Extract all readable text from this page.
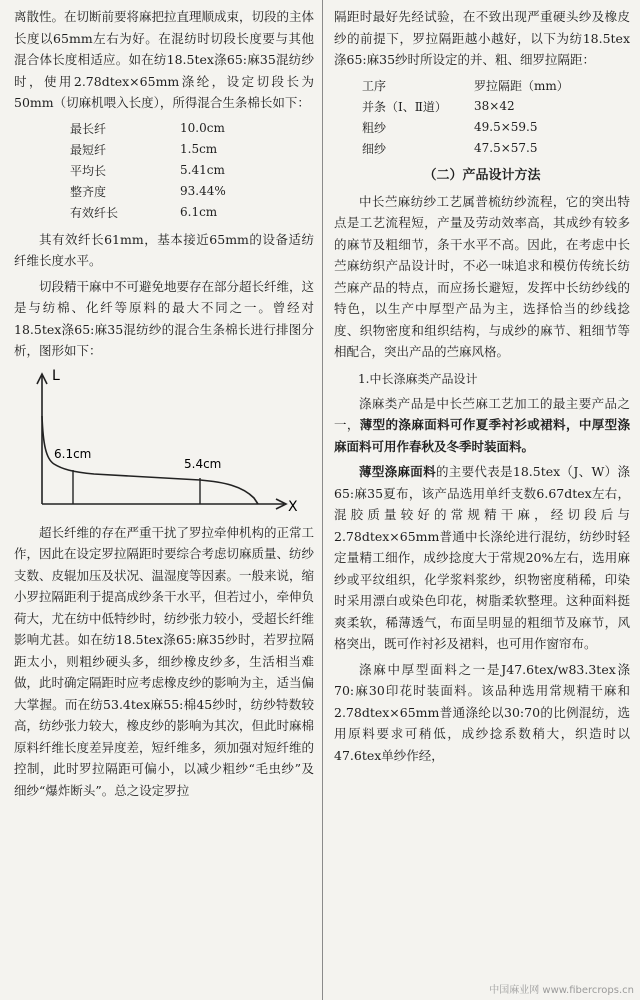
离散性。在切断前要将麻把拉直理顺成束，切段的主体长度以65mm左右为好。在混纺时切段长度要与其他混合体长度相适应。如在纺18.5tex涤65:麻35混纺纱时，使用2.78dtex×65mm涤纶，设定切段长为50mm（切麻机喂入长度），所得混合生条棉长如下：

最长纤	10.0cm
最短纤	1.5cm
平均长	5.41cm
整齐度	93.44%
有效纤长	6.1cm

其有效纤长61mm，基本接近65mm的设备适纺纤维长度水平。

切段精干麻中不可避免地要存在部分超长纤维，这是与纺棉、化纤等原料的最大不同之一。曾经对18.5tex涤65:麻35混纺纱的混合生条棉长进行排图分析，图形如下：

L
X
6.1cm
5.4cm

超长纤维的存在严重干扰了罗拉牵伸机构的正常工作，因此在设定罗拉隔距时要综合考虑切麻质量、纺纱支数、皮辊加压及状况、温湿度等因素。一般来说，缩小罗拉隔距利于提高成纱条干水平，但若过小，牵伸负荷大，尤在纺中低特纱时，纺纱张力较小，受超长纤维影响尤甚。如在纺18.5tex涤65:麻35纱时，若罗拉隔距太小，则粗纱硬头多，细纱橡皮纱多，生活相当难做，此时确定隔距时应考虑橡皮纱的影响为主，适当偏大掌握。而在纺53.4tex麻55:棉45纱时，纺纱特数较高，纺纱张力较大，橡皮纱的影响为其次，但此时麻棉原料纤维长度差异度差，短纤维多，须加强对短纤维的控制，此时罗拉隔距可偏小，以减少粗纱“毛虫纱”及细纱“爆炸断头”。总之设定罗拉

隔距时最好先经试验，在不致出现严重硬头纱及橡皮纱的前提下，罗拉隔距越小越好，以下为纺18.5tex涤65:麻35纱时所设定的并、粗、细罗拉隔距：

工序	罗拉隔距（mm）
并条（Ⅰ、Ⅱ道）	38×42
粗纱	49.5×59.5
细纱	47.5×57.5
（二）产品设计方法

中长苎麻纺纱工艺属普梳纺纱流程，它的突出特点是工艺流程短，产量及劳动效率高，其成纱有较多的麻节及粗细节，条干水平不高。因此，在考虑中长苎麻纺织产品设计时，不必一味追求和模仿传统长纺苎麻产品的特点，而应扬长避短，发挥中长纺纱线的特色，以生产中厚型产品为主，选择恰当的纱线捻度、织物密度和组织结构，与成纱的麻节、粗细节等相配合，突出产品的苎麻风格。

1.中长涤麻类产品设计

涤麻类产品是中长苎麻工艺加工的最主要产品之一，薄型的涤麻面料可作夏季衬衫或裙料，中厚型涤麻面料可用作春秋及冬季时装面料。

薄型涤麻面料的主要代表是18.5tex（J、W）涤65:麻35夏布，该产品选用单纤支数6.67dtex左右，混胶质量较好的常规精干麻，经切段后与2.78dtex×65mm普通中长涤纶进行混纺，纺纱时轻定量精工细作，成纱捻度大于常规20%左右，选用麻纱或平纹组织，化学浆料浆纱，织物密度稍稀，印染时采用漂白或染色印花，树脂柔软整理。这种面料挺爽柔软，稀薄透气，布面呈明显的粗细节及麻节，风格突出，既可作衬衫及裙料，也可用作窗帘布。

涤麻中厚型面料之一是J47.6tex/w83.3tex涤70:麻30印花时装面料。该品种选用常规精干麻和2.78dtex×65mm普通涤纶以30:70的比例混纺，选用原料要求可稍低，成纱捻系数稍大，织造时以47.6tex单纱作经，

中国麻业网 www.fibercrops.cn
